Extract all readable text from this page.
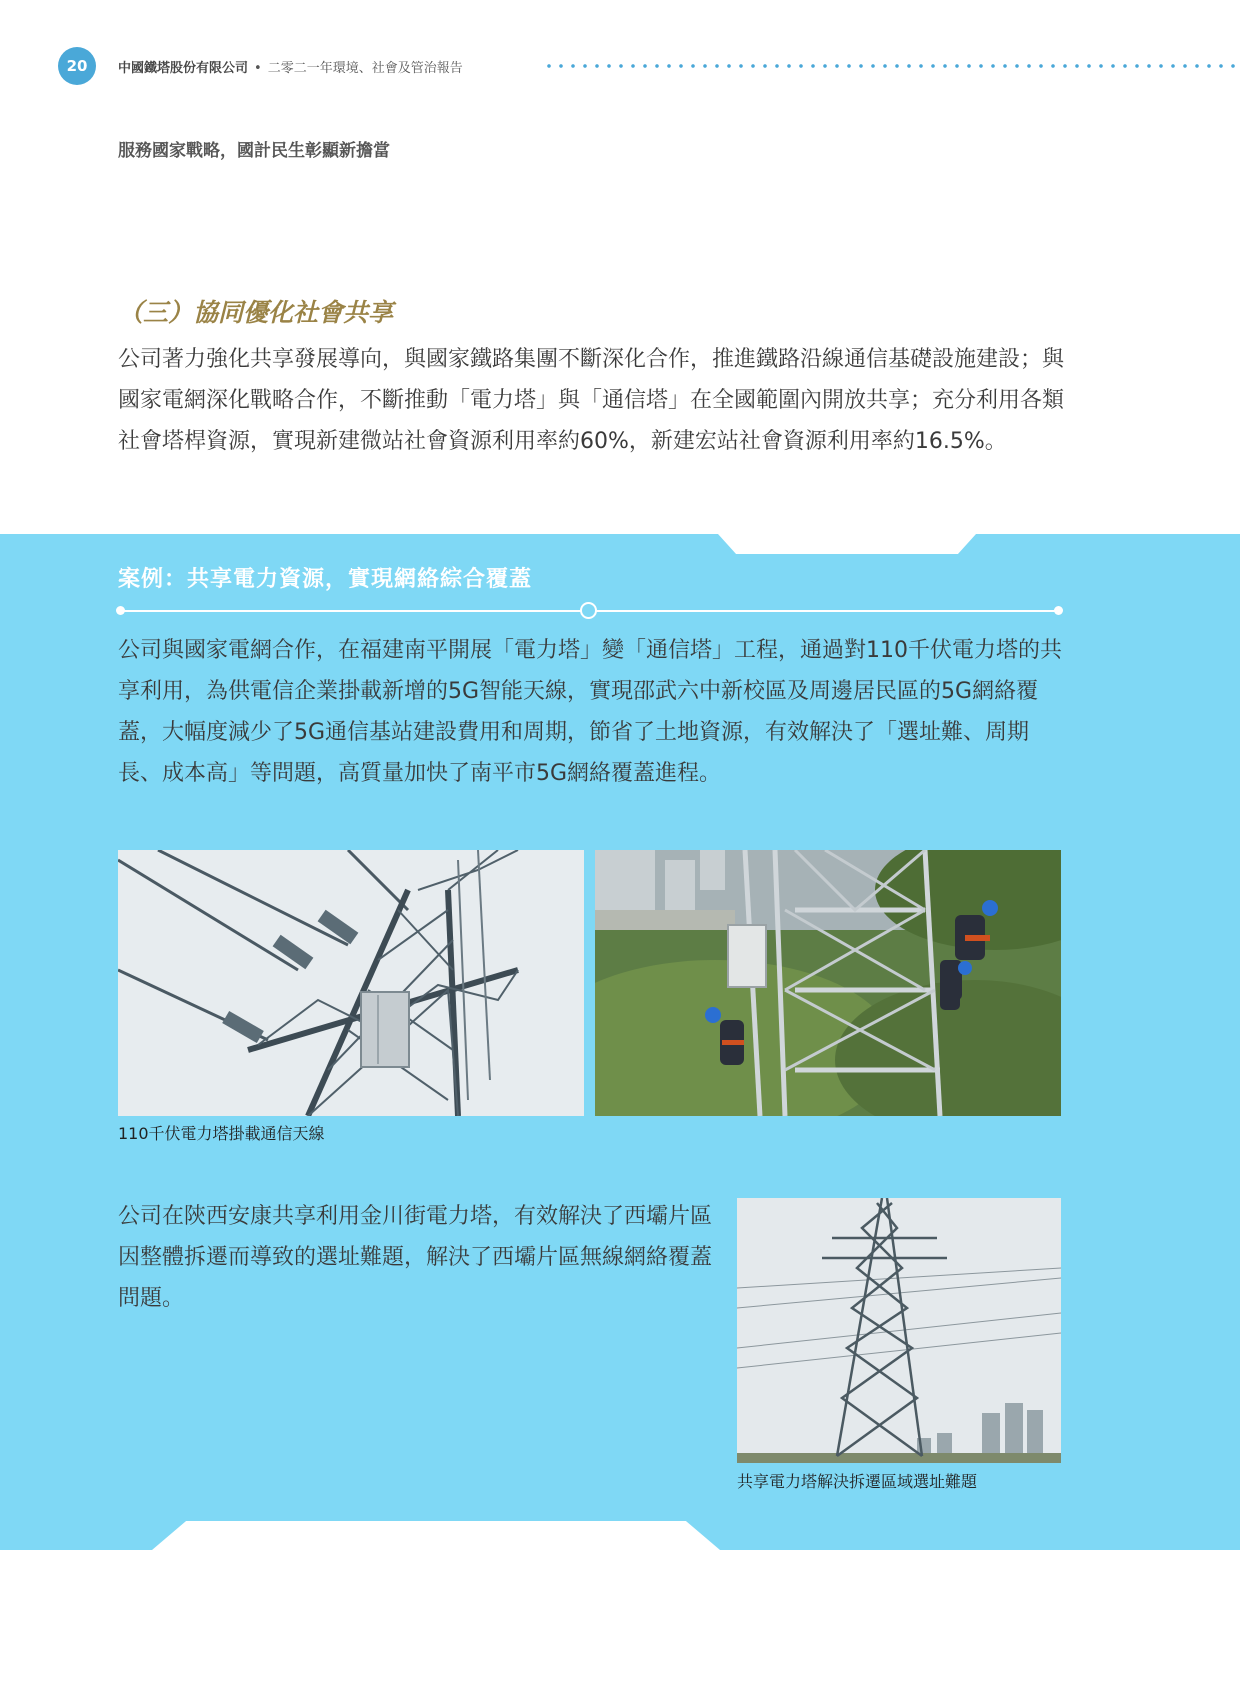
20	中國鐵塔股份有限公司 • 二零二一年環境、社會及管治報告
服務國家戰略，國計民生彰顯新擔當
（三）協同優化社會共享

公司著力強化共享發展導向，與國家鐵路集團不斷深化合作，推進鐵路沿線通信基礎設施建設；與國家電網深化戰略合作，不斷推動「電力塔」與「通信塔」在全國範圍內開放共享；充分利用各類社會塔桿資源，實現新建微站社會資源利用率約60%，新建宏站社會資源利用率約16.5%。

案例：共享電力資源，實現網絡綜合覆蓋

公司與國家電網合作，在福建南平開展「電力塔」變「通信塔」工程，通過對110千伏電力塔的共享利用，為供電信企業掛載新增的5G智能天線，實現邵武六中新校區及周邊居民區的5G網絡覆蓋，大幅度減少了5G通信基站建設費用和周期，節省了土地資源，有效解決了「選址難、周期長、成本高」等問題，高質量加快了南平市5G網絡覆蓋進程。

110千伏電力塔掛載通信天線

公司在陝西安康共享利用金川街電力塔，有效解決了西壩片區因整體拆遷而導致的選址難題，解決了西壩片區無線網絡覆蓋問題。

共享電力塔解決拆遷區域選址難題
